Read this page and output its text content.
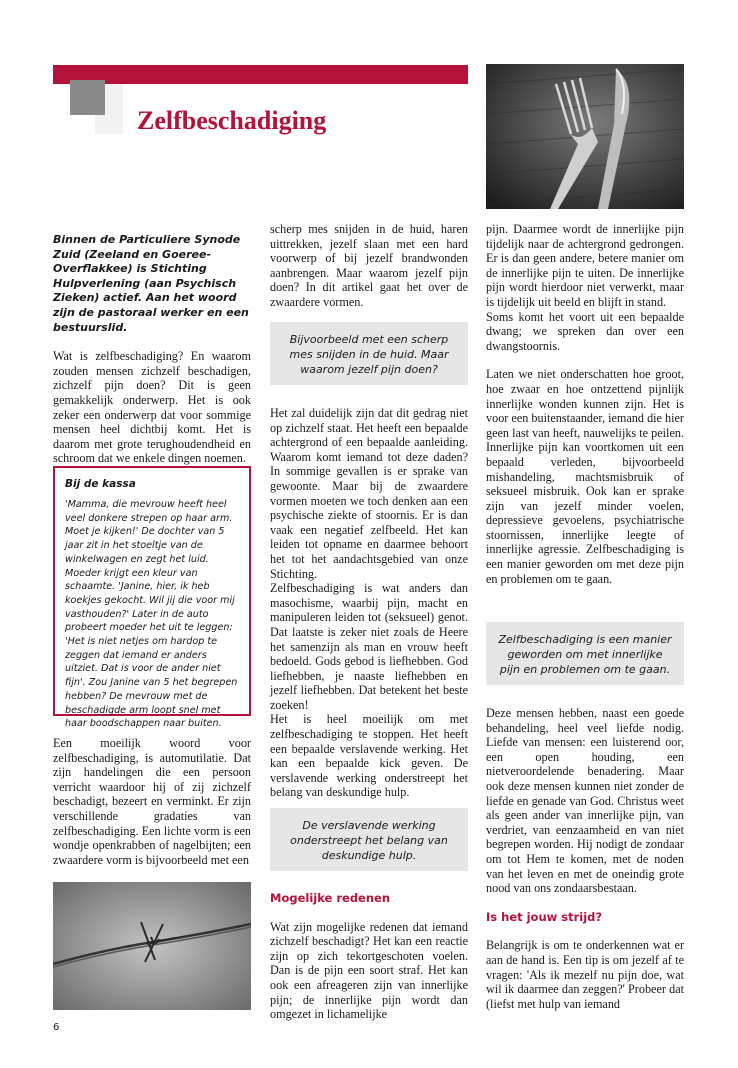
Zelfbeschadiging

Binnen de Particuliere Synode Zuid (Zeeland en Goeree-Overflakkee) is Stichting Hulpverlening (aan Psychisch Zieken) actief. Aan het woord zijn de pastoraal werker en een bestuurslid.

Wat is zelfbeschadiging? En waarom zouden mensen zichzelf beschadigen, zichzelf pijn doen? Dit is geen gemakkelijk onderwerp. Het is ook zeker een onderwerp dat voor sommige mensen heel dichtbij komt. Het is daarom met grote terughoudendheid en schroom dat we enkele dingen noemen.

Bij de kassa
'Mamma, die mevrouw heeft heel veel donkere strepen op haar arm. Moet je kijken!' De dochter van 5 jaar zit in het stoeltje van de winkelwagen en zegt het luid. Moeder krijgt een kleur van schaamte. 'Janine, hier, ik heb koekjes gekocht. Wil jij die voor mij vasthouden?' Later in de auto probeert moeder het uit te leggen: 'Het is niet netjes om hardop te zeggen dat iemand er anders uitziet. Dat is voor de ander niet fijn'. Zou Janine van 5 het begrepen hebben? De mevrouw met de beschadigde arm loopt snel met haar boodschappen naar buiten.

Een moeilijk woord voor zelfbeschadiging, is automutilatie. Dat zijn handelingen die een persoon verricht waardoor hij of zij zichzelf beschadigt, bezeert en verminkt. Er zijn verschillende gradaties van zelfbeschadiging. Een lichte vorm is een wondje openkrabben of nagelbijten; een zwaardere vorm is bijvoorbeeld met een

scherp mes snijden in de huid, haren uittrekken, jezelf slaan met een hard voorwerp of bij jezelf brandwonden aanbrengen. Maar waarom jezelf pijn doen? In dit artikel gaat het over de zwaardere vormen.

Bijvoorbeeld met een scherp mes snijden in de huid. Maar waarom jezelf pijn doen?

Het zal duidelijk zijn dat dit gedrag niet op zichzelf staat. Het heeft een bepaalde achtergrond of een bepaalde aanleiding. Waarom komt iemand tot deze daden? In sommige gevallen is er sprake van gewoonte. Maar bij de zwaardere vormen moeten we toch denken aan een psychische ziekte of stoornis. Er is dan vaak een negatief zelfbeeld. Het kan leiden tot opname en daarmee behoort het tot het aandachtsgebied van onze Stichting.

Zelfbeschadiging is wat anders dan masochisme, waarbij pijn, macht en manipuleren leiden tot (seksueel) genot. Dat laatste is zeker niet zoals de Heere het samenzijn als man en vrouw heeft bedoeld. Gods gebod is liefhebben. God liefhebben, je naaste liefhebben en jezelf liefhebben. Dat betekent het beste zoeken!

Het is heel moeilijk om met zelfbeschadiging te stoppen. Het heeft een bepaalde verslavende werking. Het kan een bepaalde kick geven. De verslavende werking onderstreept het belang van deskundige hulp.

De verslavende werking onderstreept het belang van deskundige hulp.

Mogelijke redenen

Wat zijn mogelijke redenen dat iemand zichzelf beschadigt? Het kan een reactie zijn op zich tekortgeschoten voelen. Dan is de pijn een soort straf. Het kan ook een afreageren zijn van innerlijke pijn; de innerlijke pijn wordt dan omgezet in lichamelijke

pijn. Daarmee wordt de innerlijke pijn tijdelijk naar de achtergrond gedrongen. Er is dan geen andere, betere manier om de innerlijke pijn te uiten. De innerlijke pijn wordt hierdoor niet verwerkt, maar is tijdelijk uit beeld en blijft in stand.

Soms komt het voort uit een bepaalde dwang; we spreken dan over een dwangstoornis.

Laten we niet onderschatten hoe groot, hoe zwaar en hoe ontzettend pijnlijk innerlijke wonden kunnen zijn. Het is voor een buitenstaander, iemand die hier geen last van heeft, nauwelijks te peilen. Innerlijke pijn kan voortkomen uit een bepaald verleden, bijvoorbeeld mishandeling, machtsmisbruik of seksueel misbruik. Ook kan er sprake zijn van jezelf minder voelen, depressieve gevoelens, psychiatrische stoornissen, innerlijke leegte of innerlijke agressie. Zelfbeschadiging is een manier geworden om met deze pijn en problemen om te gaan.

Zelfbeschadiging is een manier geworden om met innerlijke pijn en problemen om te gaan.

Deze mensen hebben, naast een goede behandeling, heel veel liefde nodig. Liefde van mensen: een luisterend oor, een open houding, een nietveroordelende benadering. Maar ook deze mensen kunnen niet zonder de liefde en genade van God. Christus weet als geen ander van innerlijke pijn, van verdriet, van eenzaamheid en van niet begrepen worden. Hij nodigt de zondaar om tot Hem te komen, met de noden van het leven en met de oneindig grote nood van ons zondaarsbestaan.

Is het jouw strijd?

Belangrijk is om te onderkennen wat er aan de hand is. Een tip is om jezelf af te vragen: 'Als ik mezelf nu pijn doe, wat wil ik daarmee dan zeggen?' Probeer dat (liefst met hulp van iemand

6
